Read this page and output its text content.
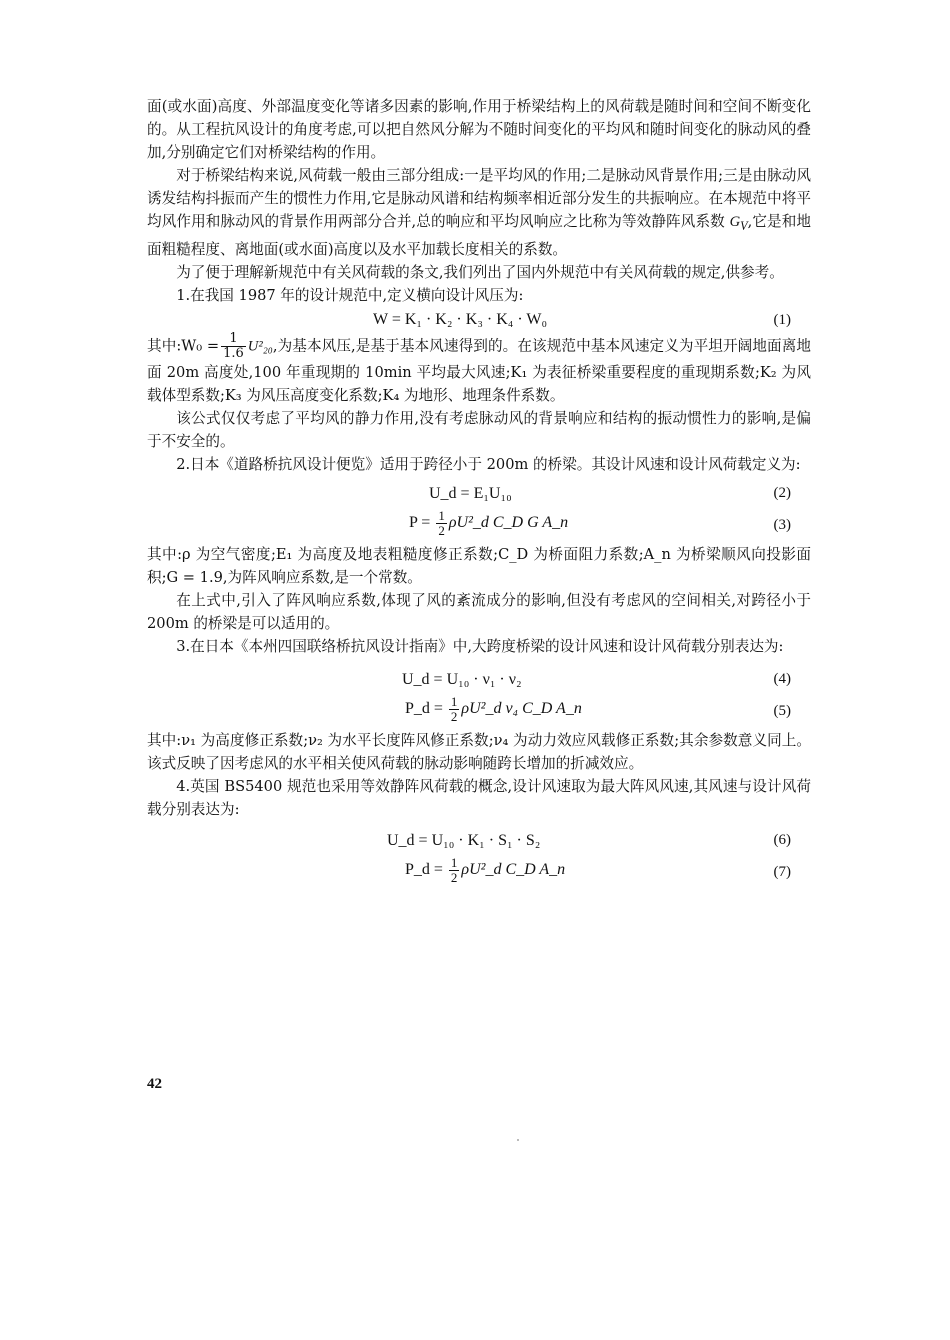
面(或水面)高度、外部温度变化等诸多因素的影响,作用于桥梁结构上的风荷载是随时间和空间不断变化的。从工程抗风设计的角度考虑,可以把自然风分解为不随时间变化的平均风和随时间变化的脉动风的叠加,分别确定它们对桥梁结构的作用。

对于桥梁结构来说,风荷载一般由三部分组成:一是平均风的作用;二是脉动风背景作用;三是由脉动风诱发结构抖振而产生的惯性力作用,它是脉动风谱和结构频率相近部分发生的共振响应。在本规范中将平均风作用和脉动风的背景作用两部分合并,总的响应和平均风响应之比称为等效静阵风系数 $G_V$,它是和地面粗糙程度、离地面(或水面)高度以及水平加载长度相关的系数。

为了便于理解新规范中有关风荷载的条文,我们列出了国内外规范中有关风荷载的规定,供参考。

1.在我国 1987 年的设计规范中,定义横向设计风压为:

W = K₁ · K₂ · K₃ · K₄ · W₀	(1)

其中:W₀ = $\frac{1}{1.6} U^2_{20}$,为基本风压,是基于基本风速得到的。在该规范中基本风速定义为平坦开阔地面离地面 20m 高度处,100 年重现期的 10min 平均最大风速;K₁ 为表征桥梁重要程度的重现期系数;K₂ 为风载体型系数;K₃ 为风压高度变化系数;K₄ 为地形、地理条件系数。

该公式仅仅考虑了平均风的静力作用,没有考虑脉动风的背景响应和结构的振动惯性力的影响,是偏于不安全的。

2.日本《道路桥抗风设计便览》适用于跨径小于 200m 的桥梁。其设计风速和设计风荷载定义为:

U_d = E₁U₁₀	(2)
$P = \frac{1}{2}$ ρU²_d C_D G A_n	(3)

其中:ρ 为空气密度;E₁ 为高度及地表粗糙度修正系数;C_D 为桥面阻力系数;A_n 为桥梁顺风向投影面积;G = 1.9,为阵风响应系数,是一个常数。

在上式中,引入了阵风响应系数,体现了风的紊流成分的影响,但没有考虑风的空间相关,对跨径小于 200m 的桥梁是可以适用的。

3.在日本《本州四国联络桥抗风设计指南》中,大跨度桥梁的设计风速和设计风荷载分别表达为:

U_d = U₁₀ · ν₁ · ν₂	(4)
P_d = $\frac{1}{2}$ ρU²_d ν₄ C_D A_n	(5)

其中:ν₁ 为高度修正系数;ν₂ 为水平长度阵风修正系数;ν₄ 为动力效应风载修正系数;其余参数意义同上。该式反映了因考虑风的水平相关使风荷载的脉动影响随跨长增加的折减效应。

4.英国 BS5400 规范也采用等效静阵风荷载的概念,设计风速取为最大阵风风速,其风速与设计风荷载分别表达为:

U_d = U₁₀ · K₁ · S₁ · S₂	(6)
P_d = $\frac{1}{2}$ ρU²_d C_D A_n	(7)
42
